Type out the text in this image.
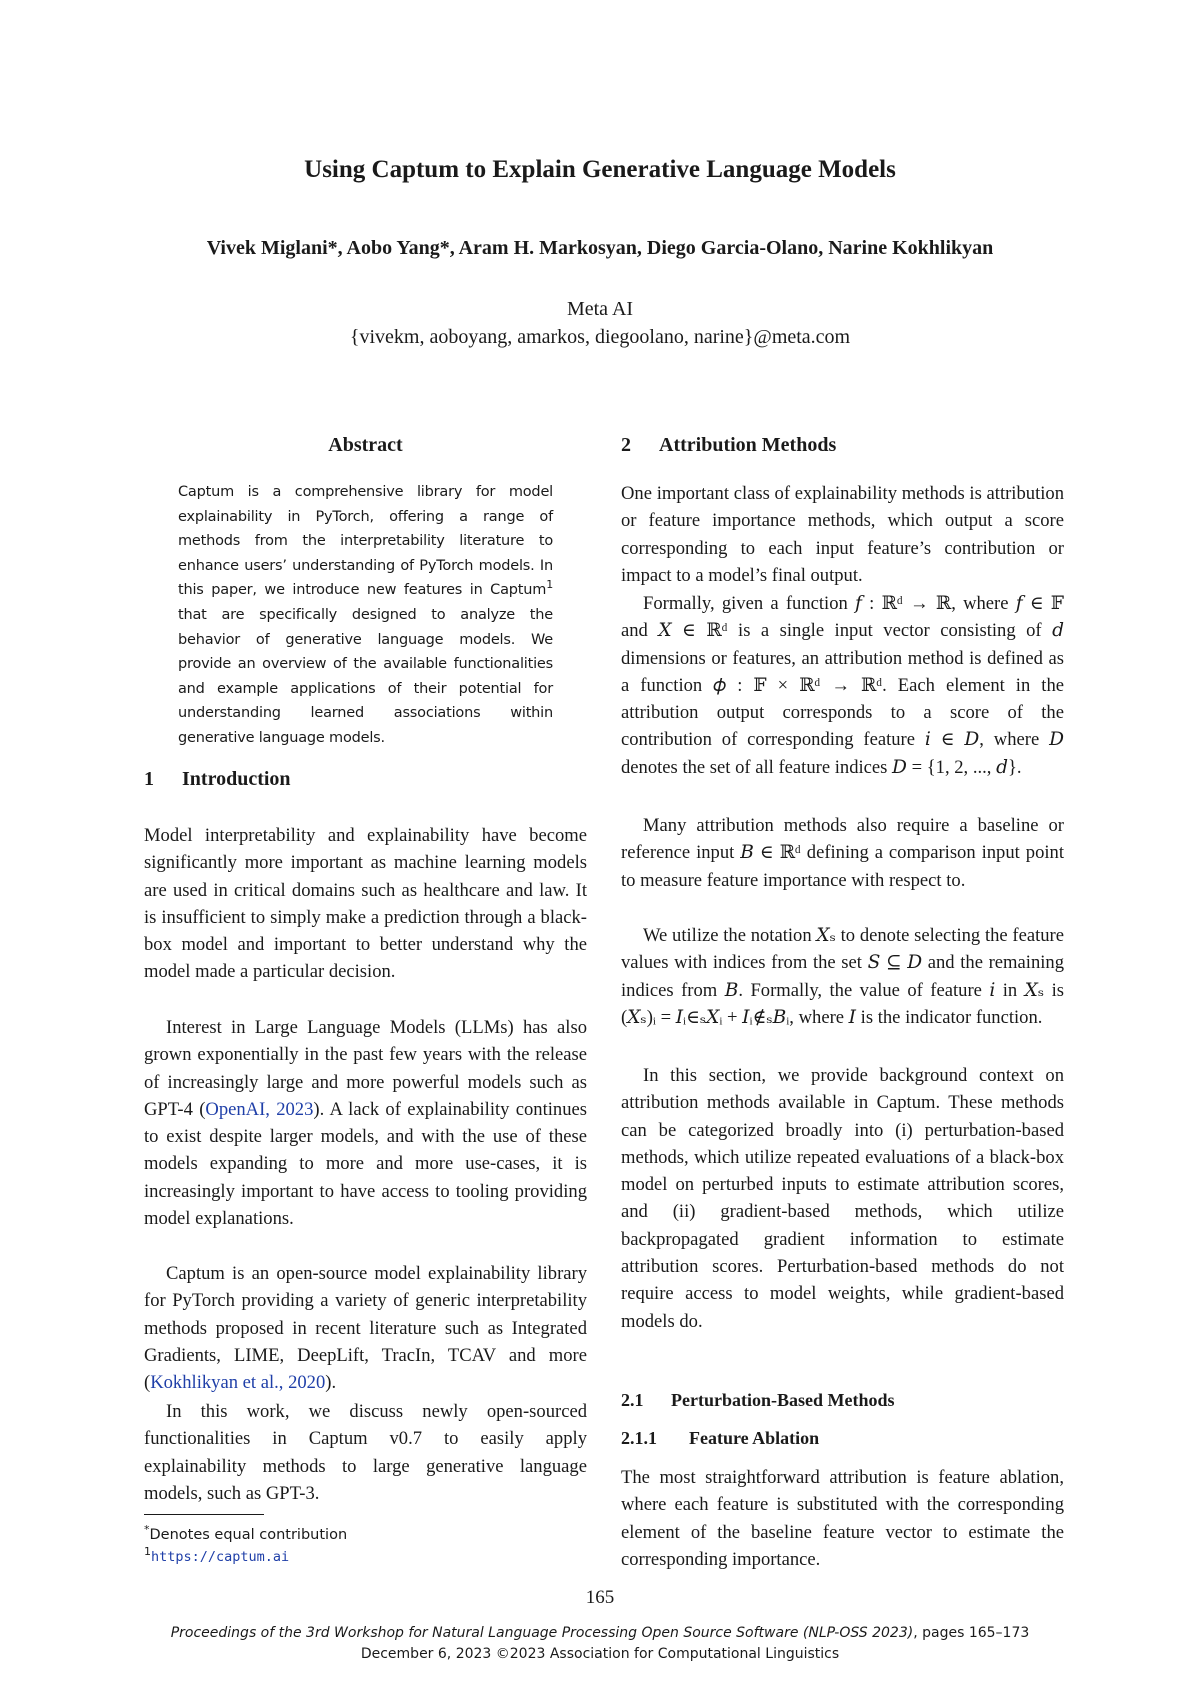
Using Captum to Explain Generative Language Models
Vivek Miglani*, Aobo Yang*, Aram H. Markosyan, Diego Garcia-Olano, Narine Kokhlikyan
Meta AI
{vivekm, aoboyang, amarkos, diegoolano, narine}@meta.com
Abstract
Captum is a comprehensive library for model explainability in PyTorch, offering a range of methods from the interpretability literature to enhance users’ understanding of PyTorch models. In this paper, we introduce new features in Captum$^1$ that are specifically designed to analyze the behavior of generative language models. We provide an overview of the available functionalities and example applications of their potential for understanding learned associations within generative language models.
1 Introduction

Model interpretability and explainability have become significantly more important as machine learning models are used in critical domains such as healthcare and law. It is insufficient to simply make a prediction through a black-box model and important to better understand why the model made a particular decision.

Interest in Large Language Models (LLMs) has also grown exponentially in the past few years with the release of increasingly large and more powerful models such as GPT-4 (OpenAI, 2023). A lack of explainability continues to exist despite larger models, and with the use of these models expanding to more and more use-cases, it is increasingly important to have access to tooling providing model explanations.

Captum is an open-source model explainability library for PyTorch providing a variety of generic interpretability methods proposed in recent literature such as Integrated Gradients, LIME, DeepLift, TracIn, TCAV and more (Kokhlikyan et al., 2020).

In this work, we discuss newly open-sourced functionalities in Captum v0.7 to easily apply explainability methods to large generative language models, such as GPT-3.

*Denotes equal contribution
$^1$https://captum.ai
2 Attribution Methods

One important class of explainability methods is attribution or feature importance methods, which output a score corresponding to each input feature’s contribution or impact to a model’s final output.

Formally, given a function 𝑓 : ℝᵈ → ℝ, where 𝑓 ∈ 𝔽 and 𝑋 ∈ ℝᵈ is a single input vector consisting of 𝑑 dimensions or features, an attribution method is defined as a function 𝜙 : 𝔽 × ℝᵈ → ℝᵈ. Each element in the attribution output corresponds to a score of the contribution of corresponding feature 𝑖 ∈ 𝐷, where 𝐷 denotes the set of all feature indices 𝐷 = {1, 2, ..., 𝑑}.

Many attribution methods also require a baseline or reference input 𝐵 ∈ ℝᵈ defining a comparison input point to measure feature importance with respect to.

We utilize the notation 𝑋ₛ to denote selecting the feature values with indices from the set 𝑆 ⊆ 𝐷 and the remaining indices from 𝐵. Formally, the value of feature 𝑖 in 𝑋ₛ is (𝑋ₛ)ᵢ = 𝐼ᵢ∈ₛ𝑋ᵢ + 𝐼ᵢ∉ₛ𝐵ᵢ, where 𝐼 is the indicator function.

In this section, we provide background context on attribution methods available in Captum. These methods can be categorized broadly into (i) perturbation-based methods, which utilize repeated evaluations of a black-box model on perturbed inputs to estimate attribution scores, and (ii) gradient-based methods, which utilize backpropagated gradient information to estimate attribution scores. Perturbation-based methods do not require access to model weights, while gradient-based models do.

2.1 Perturbation-Based Methods
2.1.1 Feature Ablation

The most straightforward attribution is feature ablation, where each feature is substituted with the corresponding element of the baseline feature vector to estimate the corresponding importance.

165
Proceedings of the 3rd Workshop for Natural Language Processing Open Source Software (NLP-OSS 2023), pages 165–173
December 6, 2023 ©2023 Association for Computational Linguistics
